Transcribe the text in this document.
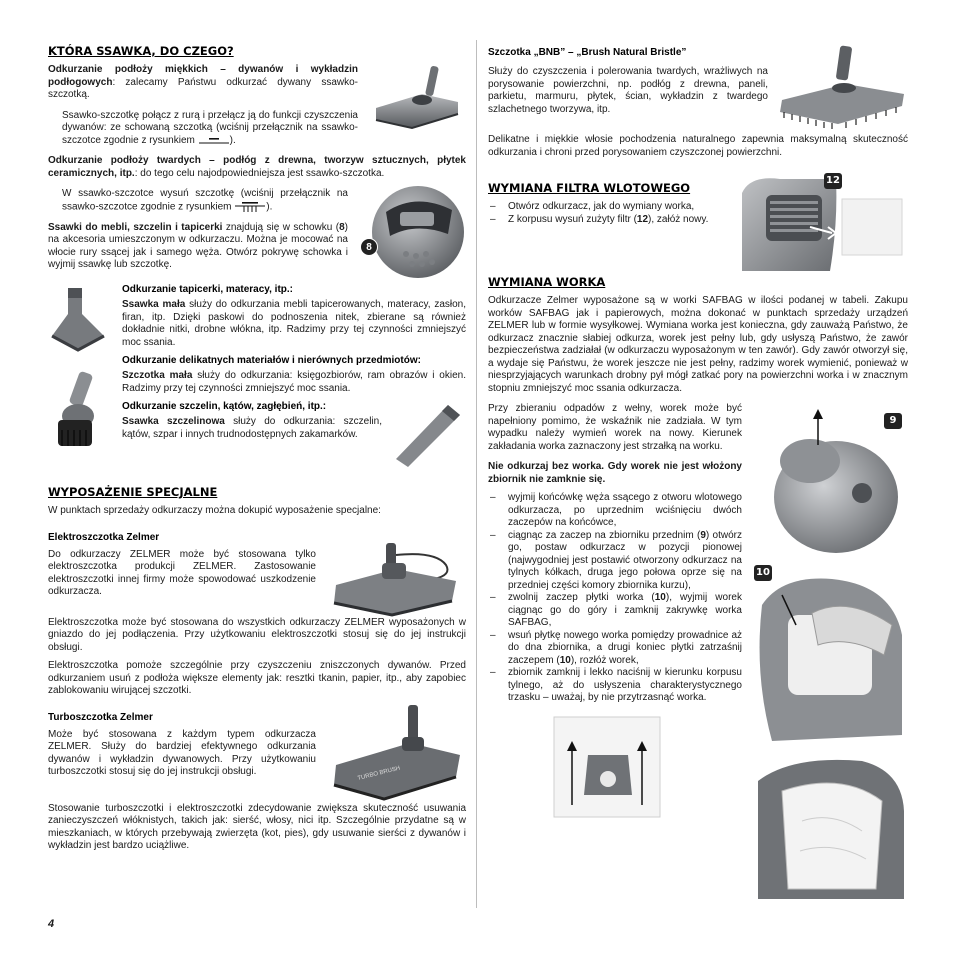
KTÓRA SSAWKA, DO CZEGO?

Odkurzanie podłoży miękkich – dywanów i wykładzin podłogowych: zalecamy Państwu odkurzać dywany ssawko-szczotką.

Ssawko-szczotkę połącz z rurą i przełącz ją do funkcji czyszczenia dywanów: ze schowaną szczotką (wciśnij przełącznik na ssawko-szczotce zgodnie z rysunkiem	).

Odkurzanie podłoży twardych – podłóg z drewna, tworzyw sztucznych, płytek ceramicznych, itp.: do tego celu najodpowiedniejsza jest ssawko-szczotka.

W ssawko-szczotce wysuń szczotkę (wciśnij przełącznik na ssawko-szczotce zgodnie z rysunkiem	).

Ssawki do mebli, szczelin i tapicerki znajdują się w schowku (8) na akcesoria umieszczonym w odkurzaczu. Można je mocować na włocie rury ssącej jak i samego węża. Otwórz pokrywę schowka i wyjmij ssawkę lub szczotkę.

8
Odkurzanie tapicerki, materacy, itp.:

Ssawka mała służy do odkurzania mebli tapicerowanych, materacy, zasłon, firan, itp. Dzięki paskowi do podnoszenia nitek, zbierane są również dokładnie nitki, drobne włókna, itp. Radzimy przy tej czynności zmniejszyć moc ssania.

Odkurzanie delikatnych materiałów i nierównych przedmiotów:

Szczotka mała służy do odkurzania: księgozbiorów, ram obrazów i okien. Radzimy przy tej czynności zmniejszyć moc ssania.

Odkurzanie szczelin, kątów, zagłębień, itp.:

Ssawka szczelinowa służy do odkurzania: szczelin, kątów, szpar i innych trudnodostępnych zakamarków.

WYPOSAŻENIE SPECJALNE

W punktach sprzedaży odkurzaczy można dokupić wyposażenie specjalne:

Elektroszczotka Zelmer

Do odkurzaczy ZELMER może być stosowana tylko elektroszczotka produkcji ZELMER. Zastosowanie elektroszczotki innej firmy może spowodować uszkodzenie odkurzacza.

Elektroszczotka może być stosowana do wszystkich odkurzaczy ZELMER wyposażonych w gniazdo do jej podłączenia. Przy użytkowaniu elektroszczotki stosuj się do jej instrukcji obsługi.

Elektroszczotka pomoże szczególnie przy czyszczeniu zniszczonych dywanów. Przed odkurzaniem usuń z podłoża większe elementy jak: resztki tkanin, papier, itp., aby zapobiec zablokowaniu wirującej szczotki.

Turboszczotka Zelmer

Może być stosowana z każdym typem odkurzacza ZELMER. Służy do bardziej efektywnego odkurzania dywanów i wykładzin dywanowych. Przy użytkowaniu turboszczotki stosuj się do jej instrukcji obsługi.	TURBO BRUSH

Stosowanie turboszczotki i elektroszczotki zdecydowanie zwiększa skuteczność usuwania zanieczyszczeń włóknistych, takich jak: sierść, włosy, nici itp. Szczególnie przydatne są w mieszkaniach, w których przebywają zwierzęta (kot, pies), gdy usuwanie sierści z dywanów i wykładzin jest bardzo uciążliwe.

Szczotka „BNB” – „Brush Natural Bristle”

Służy do czyszczenia i polerowania twardych, wrażliwych na porysowanie powierzchni, np. podłóg z drewna, paneli, parkietu, marmuru, płytek, ścian, wykładzin z twardego szlachetnego tworzywa, itp.

Delikatne i miękkie włosie pochodzenia naturalnego zapewnia maksymalną skuteczność odkurzania i chroni przed porysowaniem czyszczonej powierzchni.

WYMIANA FILTRA WLOTOWEGO
– Otwórz odkurzacz, jak do wymiany worka,
– Z korpusu wysuń zużyty filtr (12), załóż nowy.
12
WYMIANA WORKA

Odkurzacze Zelmer wyposażone są w worki SAFBAG w ilości podanej w tabeli. Zakupu worków SAFBAG jak i papierowych, można dokonać w punktach sprzedaży urządzeń ZELMER lub w formie wysyłkowej. Wymiana worka jest konieczna, gdy zauważą Państwo, że odkurzacz znacznie słabiej odkurza, worek jest pełny lub, gdy usłyszą Państwo, że zawór bezpieczeństwa zadziałał (w odkurzaczu wyposażonym w ten zawór). Gdy zawór otworzył się, a wydaje się Państwu, że worek jeszcze nie jest pełny, radzimy worek wymienić, ponieważ w niesprzyjających warunkach drobny pył mógł zatkać pory na powierzchni worka i w znacznym stopniu zmniejszyć moc ssania odkurzacza.

Przy zbieraniu odpadów z wełny, worek może być napełniony pomimo, że wskaźnik nie zadziała. W tym wypadku należy wymień worek na nowy. Kierunek zakładania worka zaznaczony jest strzałką na worku.

Nie odkurzaj bez worka. Gdy worek nie jest włożony zbiornik nie zamknie się.

– wyjmij końcówkę węża ssącego z otworu wlotowego odkurzacza, po uprzednim wciśnięciu dwóch zaczepów na końcówce,
– ciągnąc za zaczep na zbiorniku przednim (9) otwórz go, postaw odkurzacz w pozycji pionowej (najwygodniej jest postawić otworzony odkurzacz na tylnych kółkach, druga jego połowa oprze się na przedniej części komory zbiornika kurzu),
– zwolnij zaczep płytki worka (10), wyjmij worek ciągnąc go do góry i zamknij zakrywkę worka SAFBAG,
– wsuń płytkę nowego worka pomiędzy prowadnice aż do dna zbiornika, a drugi koniec płytki zatrzaśnij zaczepem (10), rozłóż worek,
– zbiornik zamknij i lekko naciśnij w kierunku korpusu tylnego, aż do usłyszenia charakterystycznego trzasku – uważaj, by nie przytrzasnąć worka.
9
10
4
